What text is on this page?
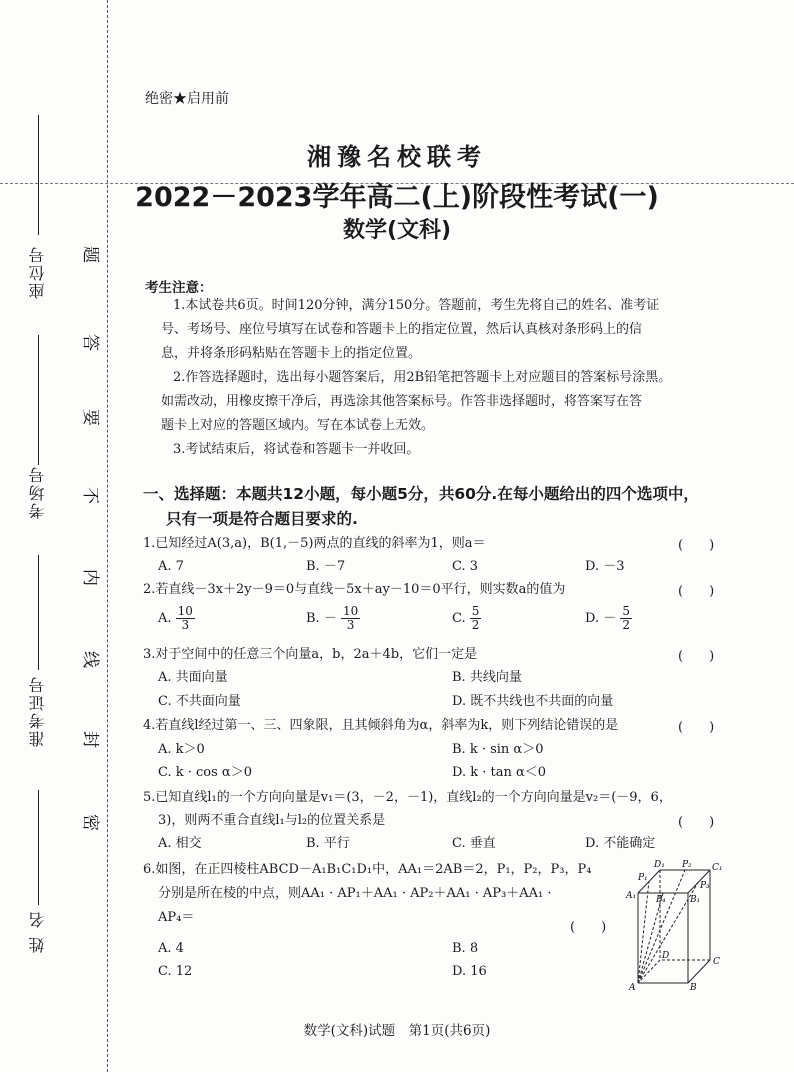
座位号
考场号
准考证号
姓 名
题
答
要
不
内
线
封
密
绝密★启用前
湘豫名校联考
2022－2023学年高二(上)阶段性考试(一)
数学(文科)
考生注意：

1.本试卷共6页。时间120分钟，满分150分。答题前，考生先将自己的姓名、准考证

号、考场号、座位号填写在试卷和答题卡上的指定位置，然后认真核对条形码上的信

息，并将条形码粘贴在答题卡上的指定位置。

2.作答选择题时，选出每小题答案后，用2B铅笔把答题卡上对应题目的答案标号涂黑。

如需改动，用橡皮擦干净后，再选涂其他答案标号。作答非选择题时，将答案写在答

题卡上对应的答题区域内。写在本试卷上无效。

3.考试结束后，将试卷和答题卡一并收回。

一、选择题：本题共12小题，每小题5分，共60分.在每小题给出的四个选项中，
只有一项是符合题目要求的.
1.已知经过A(3,a)，B(1,－5)两点的直线的斜率为1，则a＝	(　　)
A. 7	B. －7	C. 3	D. －3
2.若直线－3x＋2y－9＝0与直线－5x＋ay－10＝0平行，则实数a的值为	(　　)
A. $\frac{10}{3}$	B. － $\frac{10}{3}$	C. $\frac{5}{2}$	D. － $\frac{5}{2}$
3.对于空间中的任意三个向量a，b，2a＋4b，它们一定是	(　　)
A. 共面向量	B. 共线向量
C. 不共面向量	D. 既不共线也不共面的向量
4.若直线l经过第一、三、四象限，且其倾斜角为α，斜率为k，则下列结论错误的是	(　　)
A. k＞0	B. k · sin α＞0
C. k · cos α＞0	D. k · tan α＜0
5.已知直线l₁的一个方向向量是v₁＝(3，－2，－1)，直线l₂的一个方向向量是v₂＝(－9，6，
3)，则两不重合直线l₁与l₂的位置关系是	(　　)
A. 相交	B. 平行	C. 垂直	D. 不能确定
6.如图，在正四棱柱ABCD－A₁B₁C₁D₁中，AA₁＝2AB＝2，P₁，P₂，P₃，P₄
分别是所在棱的中点，则AA₁ · AP₁＋AA₁ · AP₂＋AA₁ · AP₃＋AA₁ ·
AP₄＝
(　　)
A. 4	B. 8
C. 12	D. 16
D₁ P₂ C₁
P₁
P₃
A₁ P₄	B₁
D
C
A	B
数学(文科)试题　第1页(共6页)
